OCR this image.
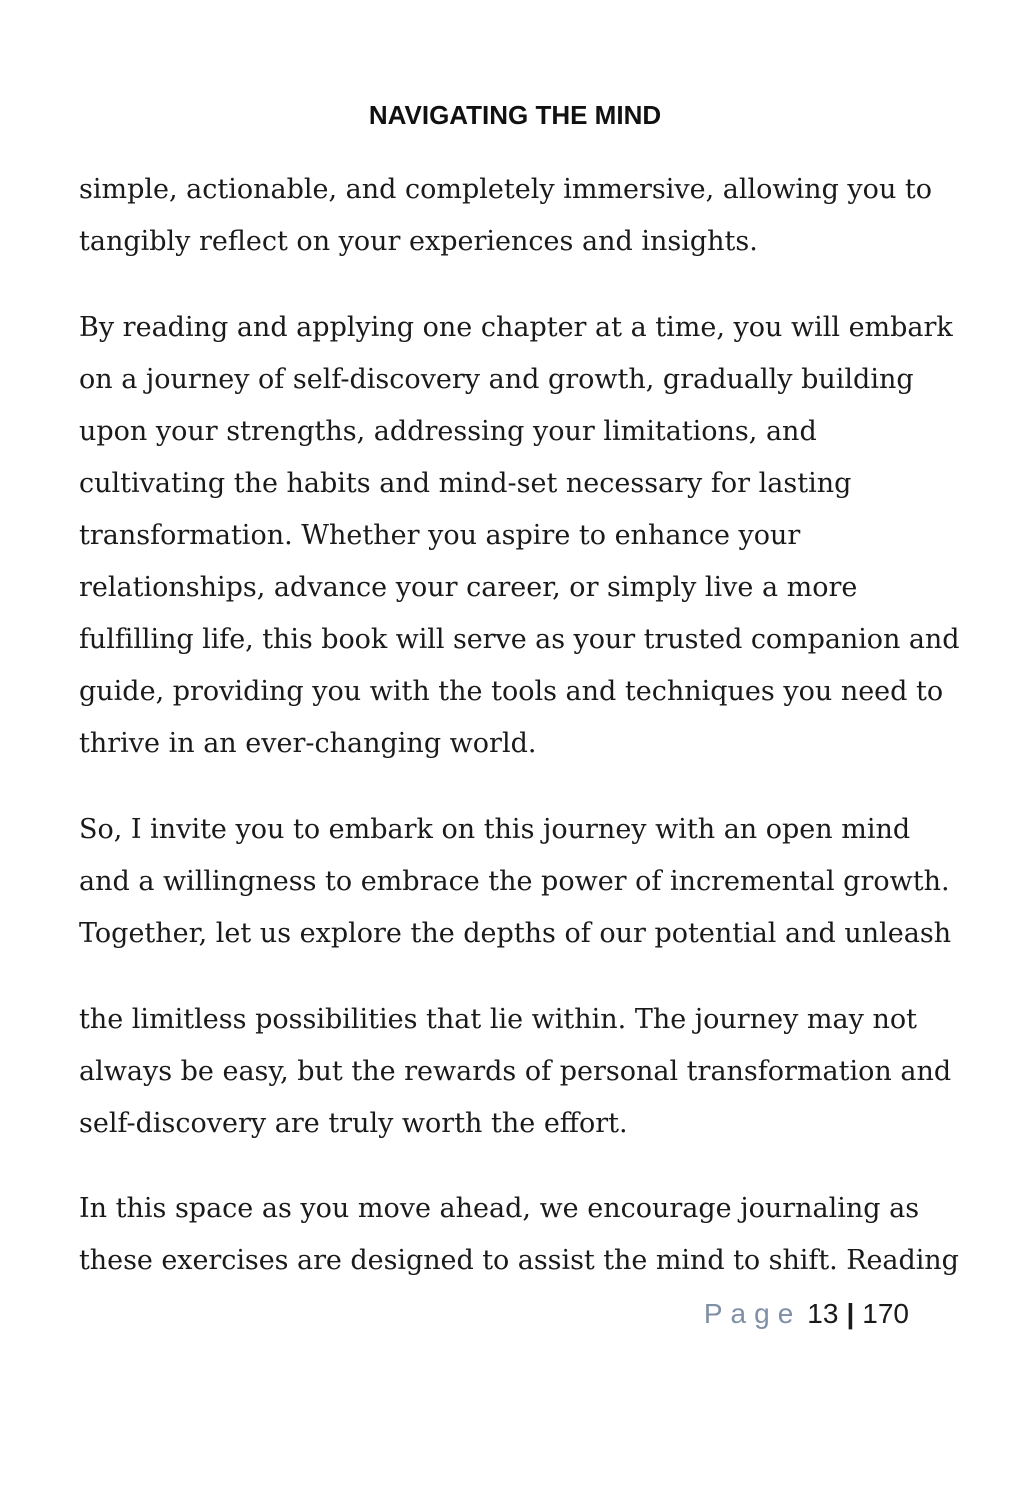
NAVIGATING THE MIND

simple, actionable, and completely immersive, allowing you to
tangibly reflect on your experiences and insights.

By reading and applying one chapter at a time, you will embark
on a journey of self-discovery and growth, gradually building
upon your strengths, addressing your limitations, and
cultivating the habits and mind-set necessary for lasting
transformation. Whether you aspire to enhance your
relationships, advance your career, or simply live a more
fulfilling life, this book will serve as your trusted companion and
guide, providing you with the tools and techniques you need to
thrive in an ever-changing world.

So, I invite you to embark on this journey with an open mind
and a willingness to embrace the power of incremental growth.
Together, let us explore the depths of our potential and unleash

the limitless possibilities that lie within. The journey may not
always be easy, but the rewards of personal transformation and
self-discovery are truly worth the effort.

In this space as you move ahead, we encourage journaling as
these exercises are designed to assist the mind to shift. Reading

Page 13 | 170
